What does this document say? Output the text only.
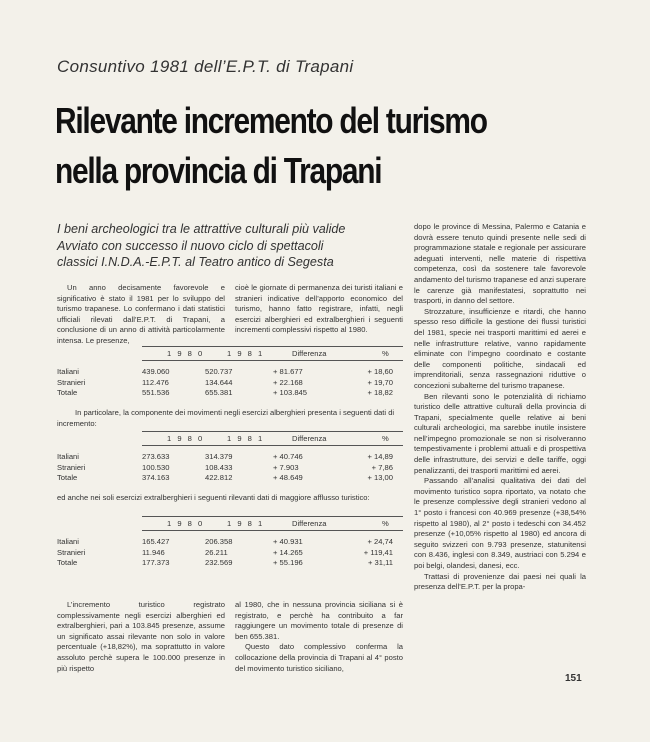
Consuntivo 1981 dell’E.P.T. di Trapani
Rilevante incremento del turismo
nella provincia di Trapani
I beni archeologici tra le attrattive culturali più valide
Avviato con successo il nuovo ciclo di spettacoli
classici I.N.D.A.-E.P.T. al Teatro antico di Segesta

Un anno decisamente favorevole e significativo è stato il 1981 per lo sviluppo del turismo trapanese. Lo confermano i dati statistici ufficiali rilevati dall’E.P.T. di Trapani, a conclusione di un anno di attività particolarmente intensa. Le presenze,

cioè le giornate di permanenza dei turisti italiani e stranieri indicative dell’apporto economico del turismo, hanno fatto registrare, infatti, negli esercizi alberghieri ed extralberghieri i seguenti incrementi complessivi rispetto al 1980.

1 9 8 0	1 9 8 1	Differenza	%
Italiani	439.060	520.737	+ 81.677	+ 18,60
Stranieri	112.476	134.644	+ 22.168	+ 19,70
Totale	551.536	655.381	+ 103.845	+ 18,82
In particolare, la componente dei movimenti negli esercizi alberghieri presenta i seguenti dati di incremento:
1 9 8 0	1 9 8 1	Differenza	%
Italiani	273.633	314.379	+ 40.746	+ 14,89
Stranieri	100.530	108.433	+ 7.903	+ 7,86
Totale	374.163	422.812	+ 48.649	+ 13,00
ed anche nei soli esercizi extralberghieri i seguenti rilevanti dati di maggiore afflusso turistico:
1 9 8 0	1 9 8 1	Differenza	%
Italiani	165.427	206.358	+ 40.931	+ 24,74
Stranieri	11.946	26.211	+ 14.265	+ 119,41
Totale	177.373	232.569	+ 55.196	+ 31,11

L’incremento turistico registrato complessivamente negli esercizi alberghieri ed extralberghieri, pari a 103.845 presenze, assume un significato assai rilevante non solo in valore percentuale (+18,82%), ma soprattutto in valore assoluto perchè supera le 100.000 presenze in più rispetto

al 1980, che in nessuna provincia siciliana si è registrato, e perchè ha contribuito a far raggiungere un movimento totale di presenze di ben 655.381.

Questo dato complessivo conferma la collocazione della provincia di Trapani al 4° posto del movimento turistico siciliano,

dopo le province di Messina, Palermo e Catania e dovrà essere tenuto quindi presente nelle sedi di programmazione statale e regionale per assicurare adeguati interventi, nelle materie di rispettiva competenza, così da sostenere tale favorevole andamento del turismo trapanese ed anzi superare le carenze già manifestatesi, soprattutto nei trasporti, in danno del settore.

Strozzature, insufficienze e ritardi, che hanno spesso reso difficile la gestione dei flussi turistici del 1981, specie nei trasporti marittimi ed aerei e nelle infrastrutture relative, vanno rapidamente eliminate con l’impegno coordinato e costante delle componenti politiche, sindacali ed imprenditoriali, senza rassegnazioni riduttive o concezioni subalterne del turismo trapanese.

Ben rilevanti sono le potenzialità di richiamo turistico delle attrattive culturali della provincia di Trapani, specialmente quelle relative ai beni culturali archeologici, ma sarebbe inutile insistere nell’impegno promozionale se non si risolveranno tempestivamente i problemi attuali e di prospettiva delle infrastrutture, dei servizi e delle tariffe, oggi penalizzanti, dei trasporti marittimi ed aerei.

Passando all’analisi qualitativa dei dati del movimento turistico sopra riportato, va notato che le presenze complessive degli stranieri vedono al 1° posto i francesi con 40.969 presenze (+38,54% rispetto al 1980), al 2° posto i tedeschi con 34.452 presenze (+10,05% rispetto al 1980) ed ancora di seguito svizzeri con 9.793 presenze, statunitensi con 8.436, inglesi con 8.349, austriaci con 5.294 e poi belgi, olandesi, danesi, ecc.

Trattasi di provenienze dai paesi nei quali la presenza dell’E.P.T. per la propa-

151
